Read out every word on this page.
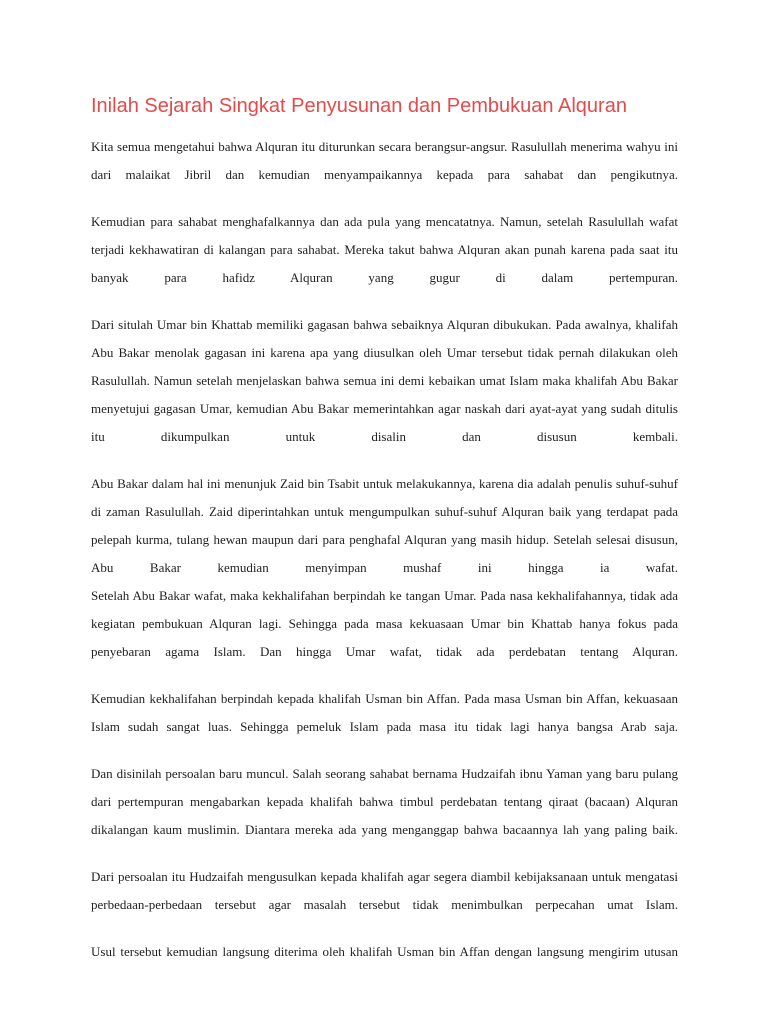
Inilah Sejarah Singkat Penyusunan dan Pembukuan Alquran

Kita semua mengetahui bahwa Alquran itu diturunkan secara berangsur-angsur. Rasulullah menerima wahyu ini dari malaikat Jibril dan kemudian menyampaikannya kepada para sahabat dan pengikutnya.

Kemudian para sahabat menghafalkannya dan ada pula yang mencatatnya. Namun, setelah Rasulullah wafat terjadi kekhawatiran di kalangan para sahabat. Mereka takut bahwa Alquran akan punah karena pada saat itu banyak para hafidz Alquran yang gugur di dalam pertempuran.

Dari situlah Umar bin Khattab memiliki gagasan bahwa sebaiknya Alquran dibukukan. Pada awalnya, khalifah Abu Bakar menolak gagasan ini karena apa yang diusulkan oleh Umar tersebut tidak pernah dilakukan oleh Rasulullah. Namun setelah menjelaskan bahwa semua ini demi kebaikan umat Islam maka khalifah Abu Bakar menyetujui gagasan Umar, kemudian Abu Bakar memerintahkan agar naskah dari ayat-ayat yang sudah ditulis itu dikumpulkan untuk disalin dan disusun kembali.

Abu Bakar dalam hal ini menunjuk Zaid bin Tsabit untuk melakukannya, karena dia adalah penulis suhuf-suhuf di zaman Rasulullah. Zaid diperintahkan untuk mengumpulkan suhuf-suhuf Alquran baik yang terdapat pada pelepah kurma, tulang hewan maupun dari para penghafal Alquran yang masih hidup. Setelah selesai disusun, Abu Bakar kemudian menyimpan mushaf ini hingga ia wafat.

Setelah Abu Bakar wafat, maka kekhalifahan berpindah ke tangan Umar. Pada nasa kekhalifahannya, tidak ada kegiatan pembukuan Alquran lagi. Sehingga pada masa kekuasaan Umar bin Khattab hanya fokus pada penyebaran agama Islam. Dan hingga Umar wafat, tidak ada perdebatan tentang Alquran.

Kemudian kekhalifahan berpindah kepada khalifah Usman bin Affan. Pada masa Usman bin Affan, kekuasaan Islam sudah sangat luas. Sehingga pemeluk Islam pada masa itu tidak lagi hanya bangsa Arab saja.

Dan disinilah persoalan baru muncul. Salah seorang sahabat bernama Hudzaifah ibnu Yaman yang baru pulang dari pertempuran mengabarkan kepada khalifah bahwa timbul perdebatan tentang qiraat (bacaan) Alquran dikalangan kaum muslimin. Diantara mereka ada yang menganggap bahwa bacaannya lah yang paling baik.

Dari persoalan itu Hudzaifah mengusulkan kepada khalifah agar segera diambil kebijaksanaan untuk mengatasi perbedaan-perbedaan tersebut agar masalah tersebut tidak menimbulkan perpecahan umat Islam.

Usul tersebut kemudian langsung diterima oleh khalifah Usman bin Affan dengan langsung mengirim utusan
